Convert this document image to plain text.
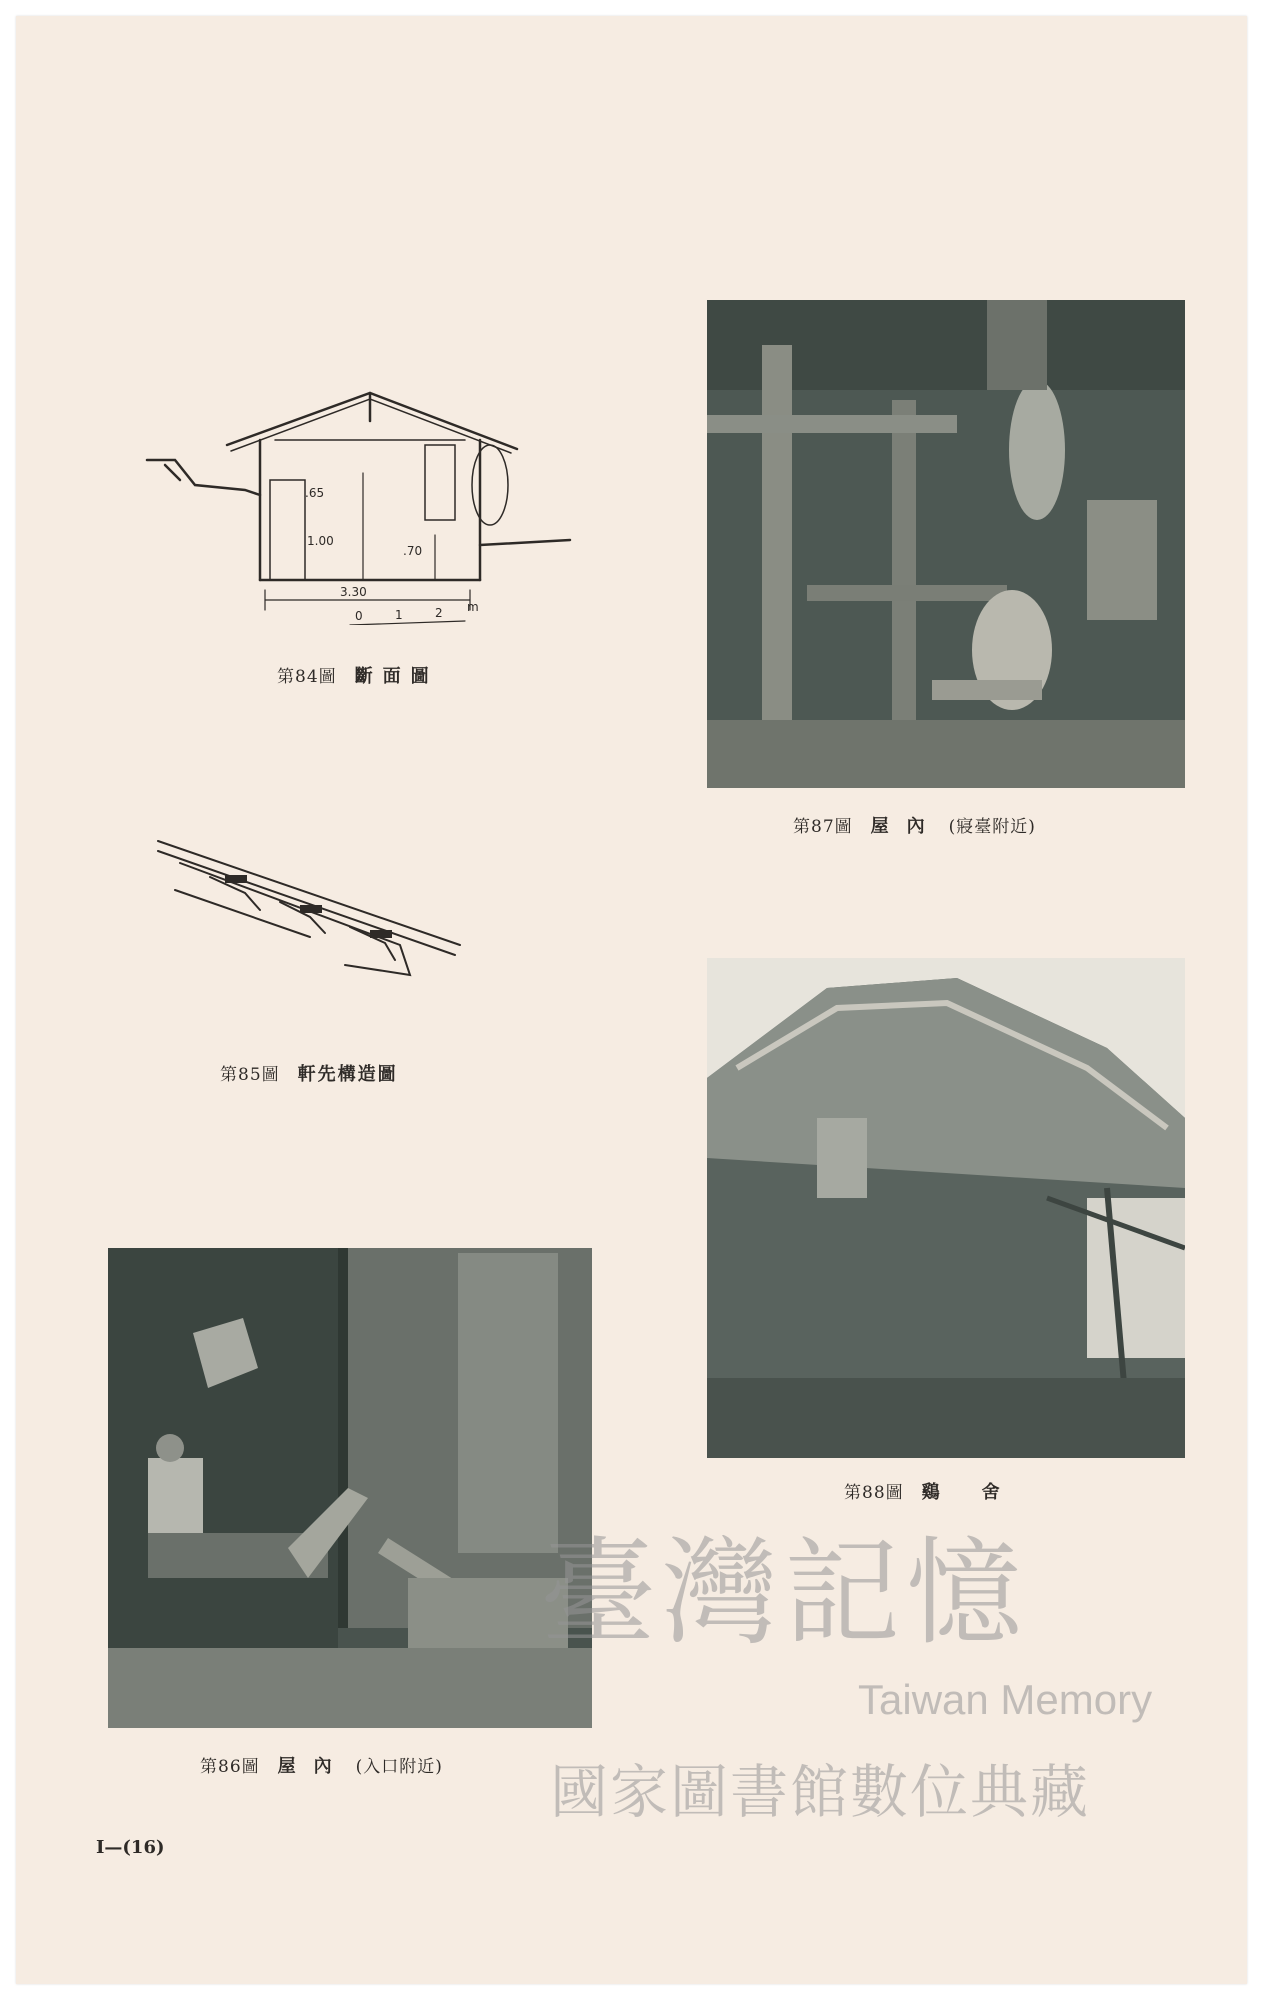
3.30
.65
1.00
.70
0	1	2 m
第84圖 斷面圖
第85圖 軒先構造圖
第87圖 屋內 (寢臺附近)
第88圖 鷄　舍
第86圖 屋內 (入口附近)
I—(16)
臺灣記憶
Taiwan Memory
國家圖書館數位典藏
